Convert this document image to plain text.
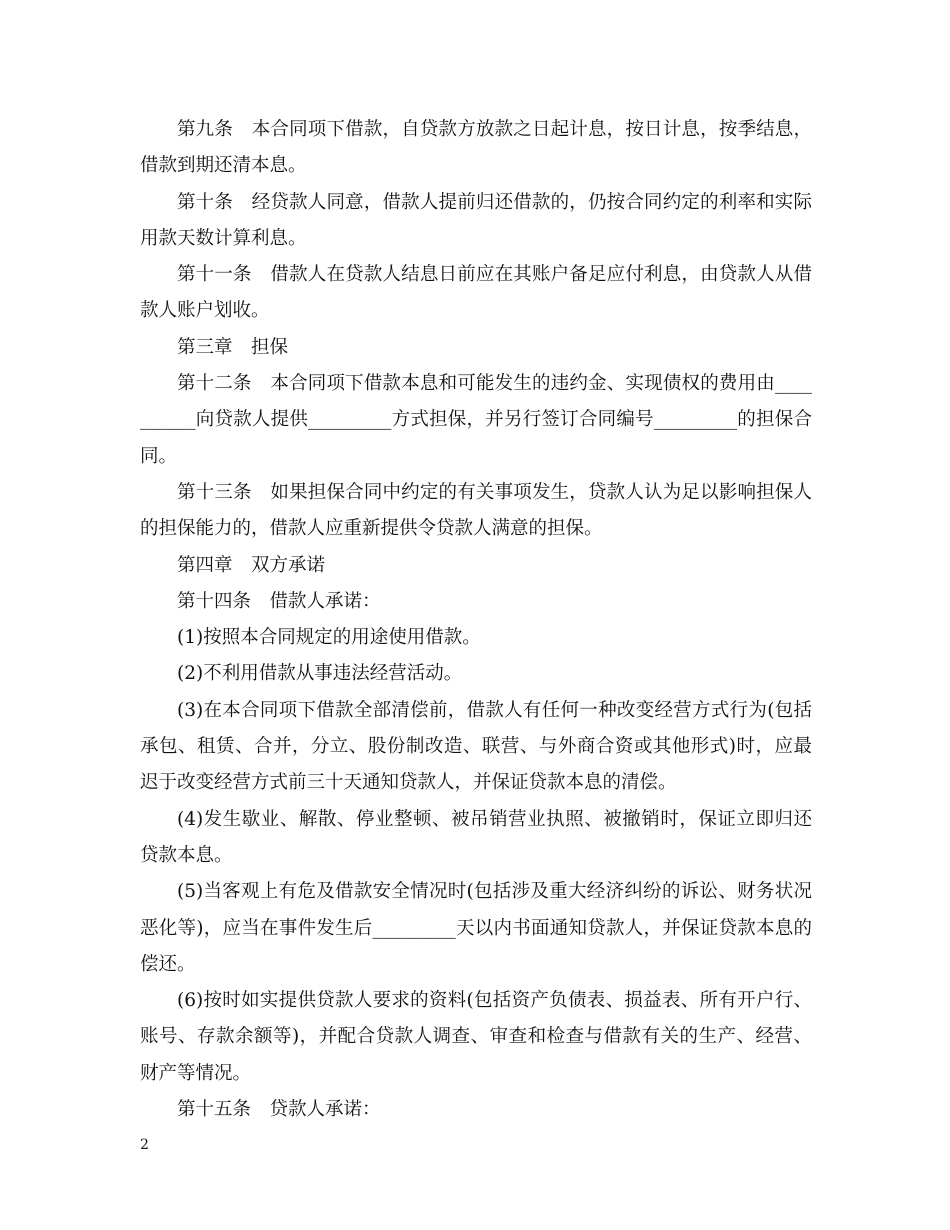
第九条　本合同项下借款，自贷款方放款之日起计息，按日计息，按季结息，借款到期还清本息。

第十条　经贷款人同意，借款人提前归还借款的，仍按合同约定的利率和实际用款天数计算利息。

第十一条　借款人在贷款人结息日前应在其账户备足应付利息，由贷款人从借款人账户划收。

第三章　担保

第十二条　本合同项下借款本息和可能发生的违约金、实现债权的费用由__________向贷款人提供_________方式担保，并另行签订合同编号_________的担保合同。

第十三条　如果担保合同中约定的有关事项发生，贷款人认为足以影响担保人的担保能力的，借款人应重新提供令贷款人满意的担保。

第四章　双方承诺

第十四条　借款人承诺：

(1)按照本合同规定的用途使用借款。

(2)不利用借款从事违法经营活动。

(3)在本合同项下借款全部清偿前，借款人有任何一种改变经营方式行为(包括承包、租赁、合并，分立、股份制改造、联营、与外商合资或其他形式)时，应最迟于改变经营方式前三十天通知贷款人，并保证贷款本息的清偿。

(4)发生歇业、解散、停业整顿、被吊销营业执照、被撤销时，保证立即归还贷款本息。

(5)当客观上有危及借款安全情况时(包括涉及重大经济纠纷的诉讼、财务状况恶化等)，应当在事件发生后_________天以内书面通知贷款人，并保证贷款本息的偿还。

(6)按时如实提供贷款人要求的资料(包括资产负债表、损益表、所有开户行、账号、存款余额等)，并配合贷款人调查、审查和检查与借款有关的生产、经营、财产等情况。

第十五条　贷款人承诺：

2
